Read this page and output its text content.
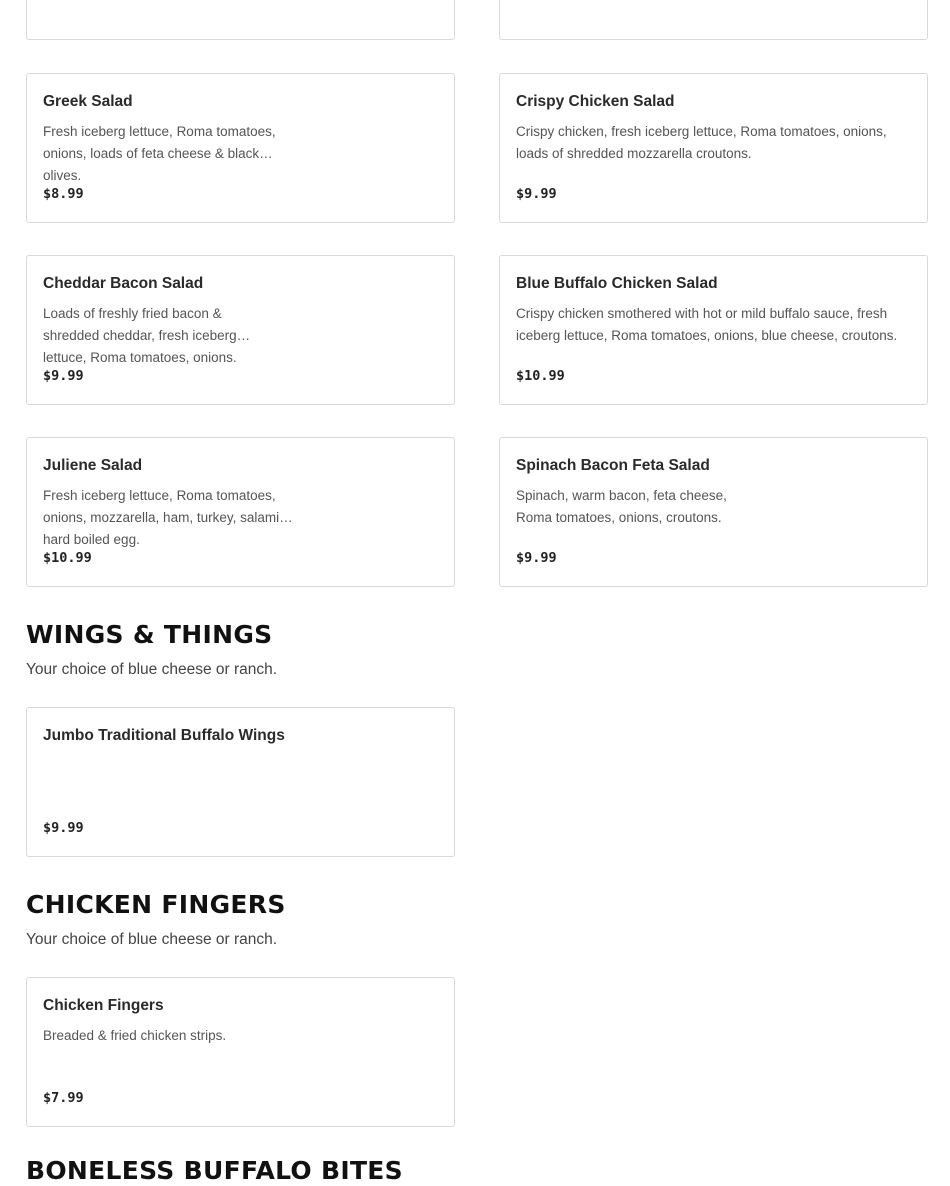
Greek Salad
Fresh iceberg lettuce, Roma tomatoes, onions, loads of feta cheese & black olives.
$8.99
Crispy Chicken Salad
Crispy chicken, fresh iceberg lettuce, Roma tomatoes, onions, loads of shredded mozzarella croutons.
$9.99
Cheddar Bacon Salad
Loads of freshly fried bacon & shredded cheddar, fresh iceberg lettuce, Roma tomatoes, onions.
$9.99
Blue Buffalo Chicken Salad
Crispy chicken smothered with hot or mild buffalo sauce, fresh iceberg lettuce, Roma tomatoes, onions, blue cheese, croutons.
$10.99
Juliene Salad
Fresh iceberg lettuce, Roma tomatoes, onions, mozzarella, ham, turkey, salami, hard boiled egg.
$10.99
Spinach Bacon Feta Salad
Spinach, warm bacon, feta cheese, Roma tomatoes, onions, croutons.
$9.99
WINGS & THINGS

Your choice of blue cheese or ranch.

Jumbo Traditional Buffalo Wings
$9.99
CHICKEN FINGERS

Your choice of blue cheese or ranch.

Chicken Fingers
Breaded & fried chicken strips.
$7.99
BONELESS BUFFALO BITES
